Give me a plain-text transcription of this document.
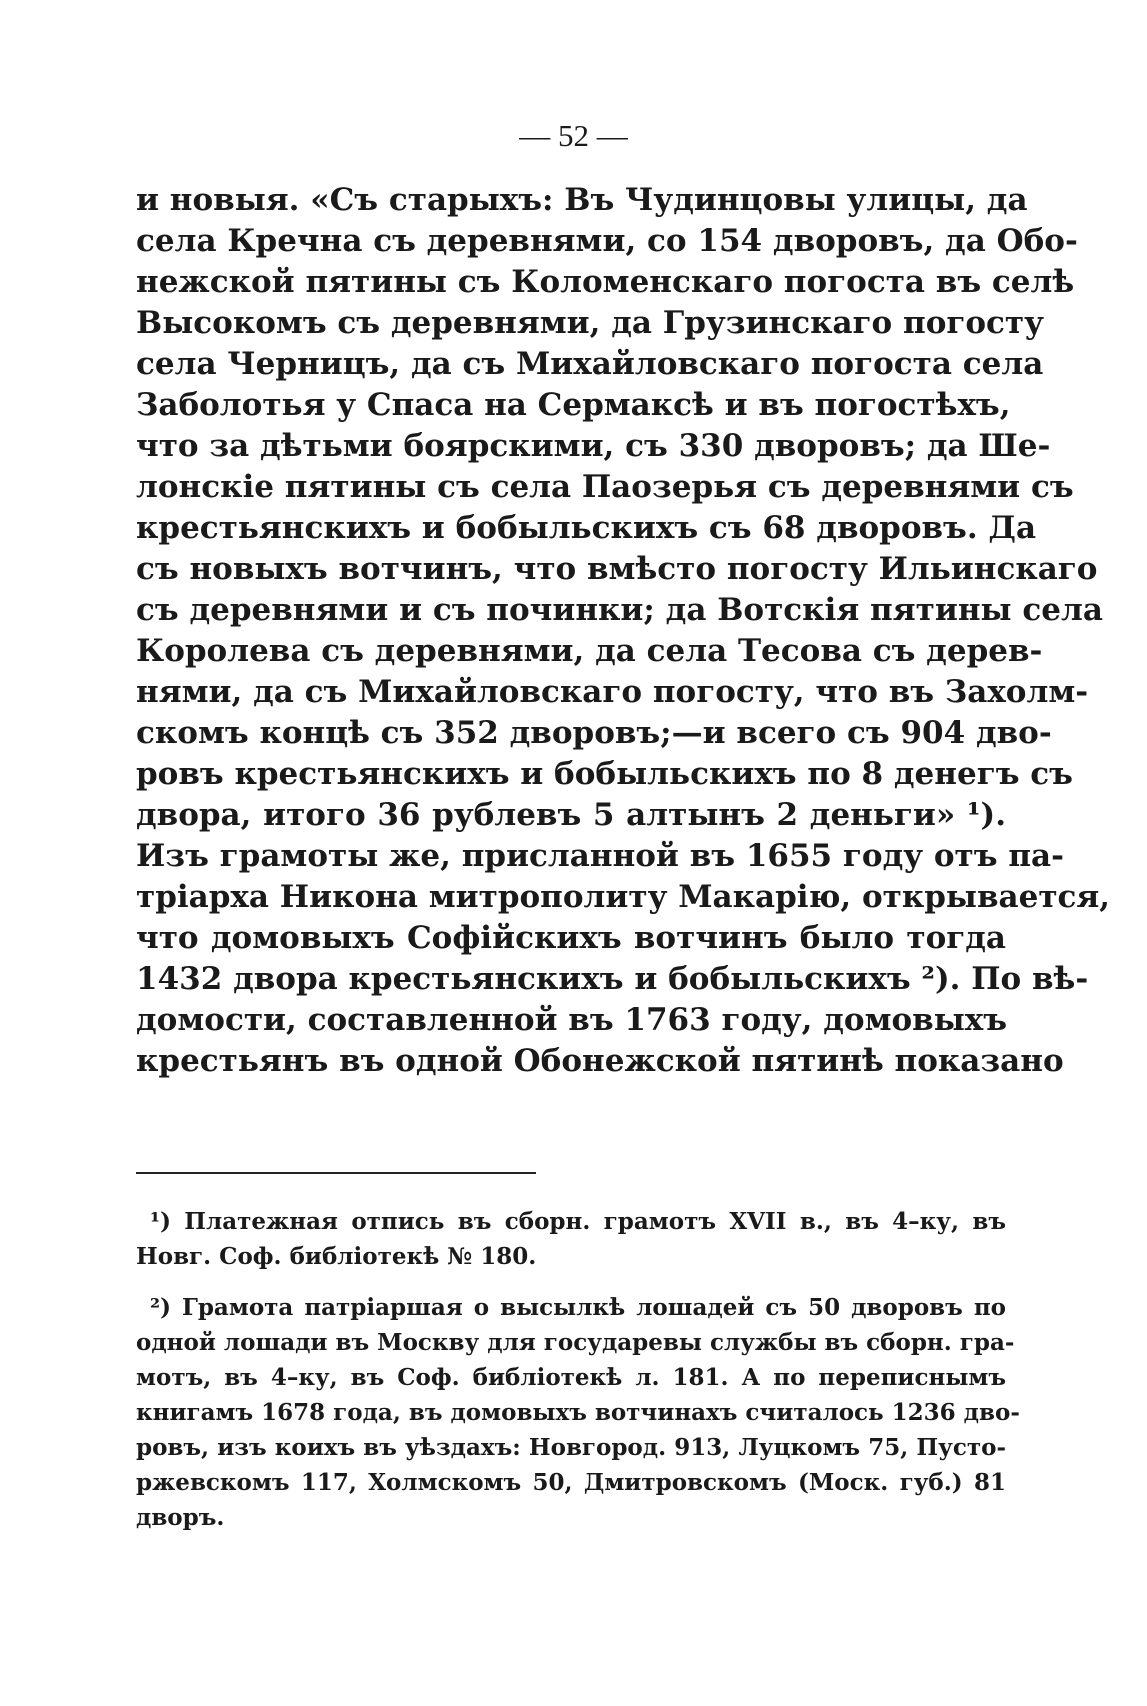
— 52 —
и новыя. «Съ старыхъ: Въ Чудинцовы улицы, да
села Кречна съ деревнями, со 154 дворовъ, да Обо-
нежской пятины съ Коломенскаго погоста въ селѣ
Высокомъ съ деревнями, да Грузинскаго погосту
села Черницъ, да съ Михайловскаго погоста села
Заболотья у Спаса на Сермаксѣ и въ погостѣхъ,
что за дѣтьми боярскими, съ 330 дворовъ; да Ше-
лонскіе пятины съ села Паозерья съ деревнями съ
крестьянскихъ и бобыльскихъ съ 68 дворовъ. Да
съ новыхъ вотчинъ, что вмѣсто погосту Ильинскаго
съ деревнями и съ починки; да Вотскія пятины села
Королева съ деревнями, да села Тесова съ дерев-
нями, да съ Михайловскаго погосту, что въ Захолм-
скомъ концѣ съ 352 дворовъ;—и всего съ 904 дво-
ровъ крестьянскихъ и бобыльскихъ по 8 денегъ съ
двора, итого 36 рублевъ 5 алтынъ 2 деньги» ¹).
Изъ грамоты же, присланной въ 1655 году отъ па-
тріарха Никона митрополиту Макарію, открывается,
что домовыхъ Софійскихъ вотчинъ было тогда
1432 двора крестьянскихъ и бобыльскихъ ²). По вѣ-
домости, составленной въ 1763 году, домовыхъ
крестьянъ въ одной Обонежской пятинѣ показано
¹) Платежная отпись въ сборн. грамотъ XVII в., въ 4–ку, въ
Новг. Соф. библіотекѣ № 180.
²) Грамота патріаршая о высылкѣ лошадей съ 50 дворовъ по
одной лошади въ Москву для государевы службы въ сборн. гра-
мотъ, въ 4–ку, въ Соф. библіотекѣ л. 181. А по переписнымъ
книгамъ 1678 года, въ домовыхъ вотчинахъ считалось 1236 дво-
ровъ, изъ коихъ въ уѣздахъ: Новгород. 913, Луцкомъ 75, Пусто-
ржевскомъ 117, Холмскомъ 50, Дмитровскомъ (Моск. губ.) 81
дворъ.
